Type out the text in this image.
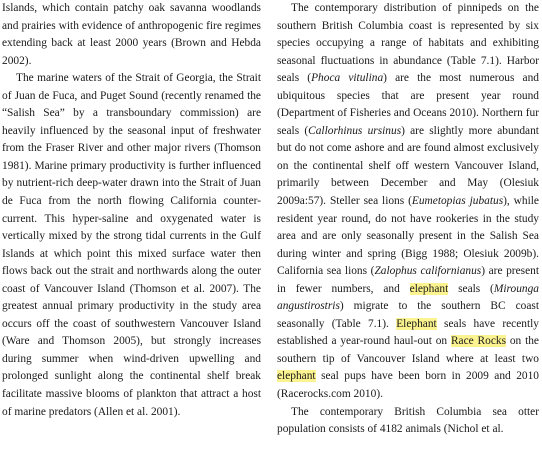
Islands, which contain patchy oak savanna woodlands and prairies with evidence of anthropogenic fire regimes extending back at least 2000 years (Brown and Hebda 2002).

The marine waters of the Strait of Georgia, the Strait of Juan de Fuca, and Puget Sound (recently renamed the “Salish Sea” by a transboundary commission) are heavily influenced by the seasonal input of freshwater from the Fraser River and other major rivers (Thomson 1981). Marine primary productivity is further influenced by nutrient-rich deep-water drawn into the Strait of Juan de Fuca from the north flowing California counter-current. This hyper-saline and oxygenated water is vertically mixed by the strong tidal currents in the Gulf Islands at which point this mixed surface water then flows back out the strait and northwards along the outer coast of Vancouver Island (Thomson et al. 2007). The greatest annual primary productivity in the study area occurs off the coast of southwestern Vancouver Island (Ware and Thomson 2005), but strongly increases during summer when wind-driven upwelling and prolonged sunlight along the continental shelf break facilitate massive blooms of plankton that attract a host of marine predators (Allen et al. 2001).

The contemporary distribution of pinnipeds on the southern British Columbia coast is represented by six species occupying a range of habitats and exhibiting seasonal fluctuations in abundance (Table 7.1). Harbor seals (Phoca vitulina) are the most numerous and ubiquitous species that are present year round (Department of Fisheries and Oceans 2010). Northern fur seals (Callorhinus ursinus) are slightly more abundant but do not come ashore and are found almost exclusively on the continental shelf off western Vancouver Island, primarily between December and May (Olesiuk 2009a:57). Steller sea lions (Eumetopias jubatus), while resident year round, do not have rookeries in the study area and are only seasonally present in the Salish Sea during winter and spring (Bigg 1988; Olesiuk 2009b). California sea lions (Zalophus californianus) are present in fewer numbers, and elephant seals (Mirounga angustirostris) migrate to the southern BC coast seasonally (Table 7.1). Elephant seals have recently established a year-round haul-out on Race Rocks on the southern tip of Vancouver Island where at least two elephant seal pups have been born in 2009 and 2010 (Racerocks.com 2010).

The contemporary British Columbia sea otter population consists of 4182 animals (Nichol et al.
